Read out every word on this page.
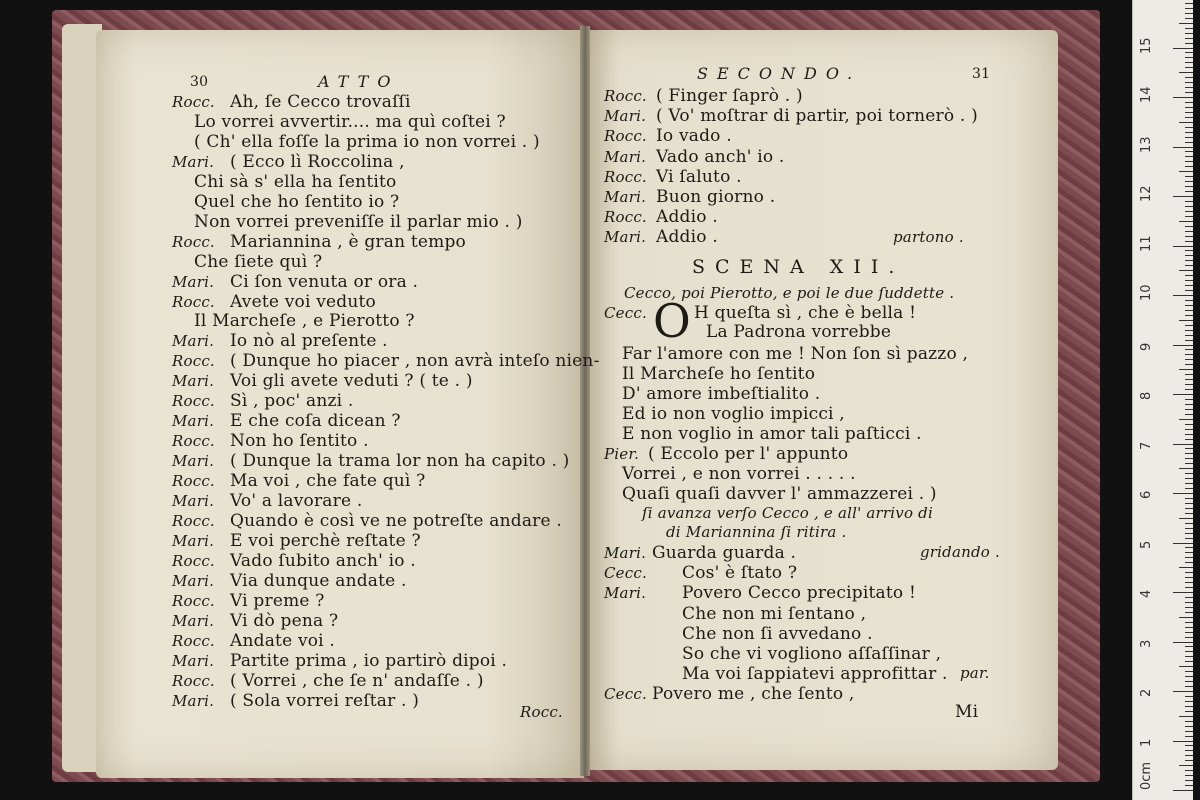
30	ATTO
Rocc. Ah, ſe Cecco trovaſſi
Lo vorrei avvertir.... ma quì coſtei ?
( Ch' ella foſſe la prima io non vorrei . )
Mari. ( Ecco lì Roccolina ,
Chi sà s' ella ha ſentito
Quel che ho ſentito io ?
Non vorrei preveniſſe il parlar mio . )
Rocc. Mariannina , è gran tempo
Che ſiete quì ?
Mari. Ci ſon venuta or ora .
Rocc. Avete voi veduto
Il Marcheſe , e Pierotto ?
Mari. Io nò al preſente .
Rocc. ( Dunque ho piacer , non avrà inteſo nien-
Mari. Voi gli avete veduti ? ( te . )
Rocc. Sì , poc' anzi .
Mari. E che coſa dicean ?
Rocc. Non ho ſentito .
Mari. ( Dunque la trama lor non ha capito . )
Rocc. Ma voi , che fate quì ?
Mari. Vo' a lavorare .
Rocc. Quando è così ve ne potreſte andare .
Mari. E voi perchè reſtate ?
Rocc. Vado ſubito anch' io .
Mari. Via dunque andate .
Rocc. Vi preme ?
Mari. Vi dò pena ?
Rocc. Andate voi .
Mari. Partite prima , io partirò dipoi .
Rocc. ( Vorrei , che ſe n' andaſſe . )
Mari. ( Sola vorrei reſtar . )
Rocc.
SECONDO.	31
Rocc. ( Finger ſaprò . )
Mari. ( Vo' moſtrar di partir, poi tornerò . )
Rocc. Io vado .
Mari. Vado anch' io .
Rocc. Vi ſaluto .
Mari. Buon giorno .
Rocc. Addio .
Mari. Addio .	partono .
SCENA XII.
Cecco, poi Pierotto, e poi le due ſuddette .
O
Cecc.	H queſta sì , che è bella !
La Padrona vorrebbe
Far l'amore con me ! Non ſon sì pazzo ,
Il Marcheſe ho ſentito
D' amore imbeſtialito .
Ed io non voglio impicci ,
E non voglio in amor tali paſticci .
Pier. ( Eccolo per l' appunto
Vorrei , e non vorrei . . . . .
Quaſi quaſi davver l' ammazzerei . )
ſi avanza verſo Cecco , e all' arrivo di
di Mariannina ſi ritira .
Mari. Guarda guarda .
Cecc. Cos' è ſtato ?
Mari. Povero Cecco precipitato !
Che non mi ſentano ,
Che non ſi avvedano .
So che vi vogliono aſſaſſinar ,
Ma voi ſappiatevi approfittar .
Cecc. Povero me , che ſento ,
gridando .
par.
Mi
0cm
1
2
3
4
5
6
7
8
9
10
11
12
13
14
15
